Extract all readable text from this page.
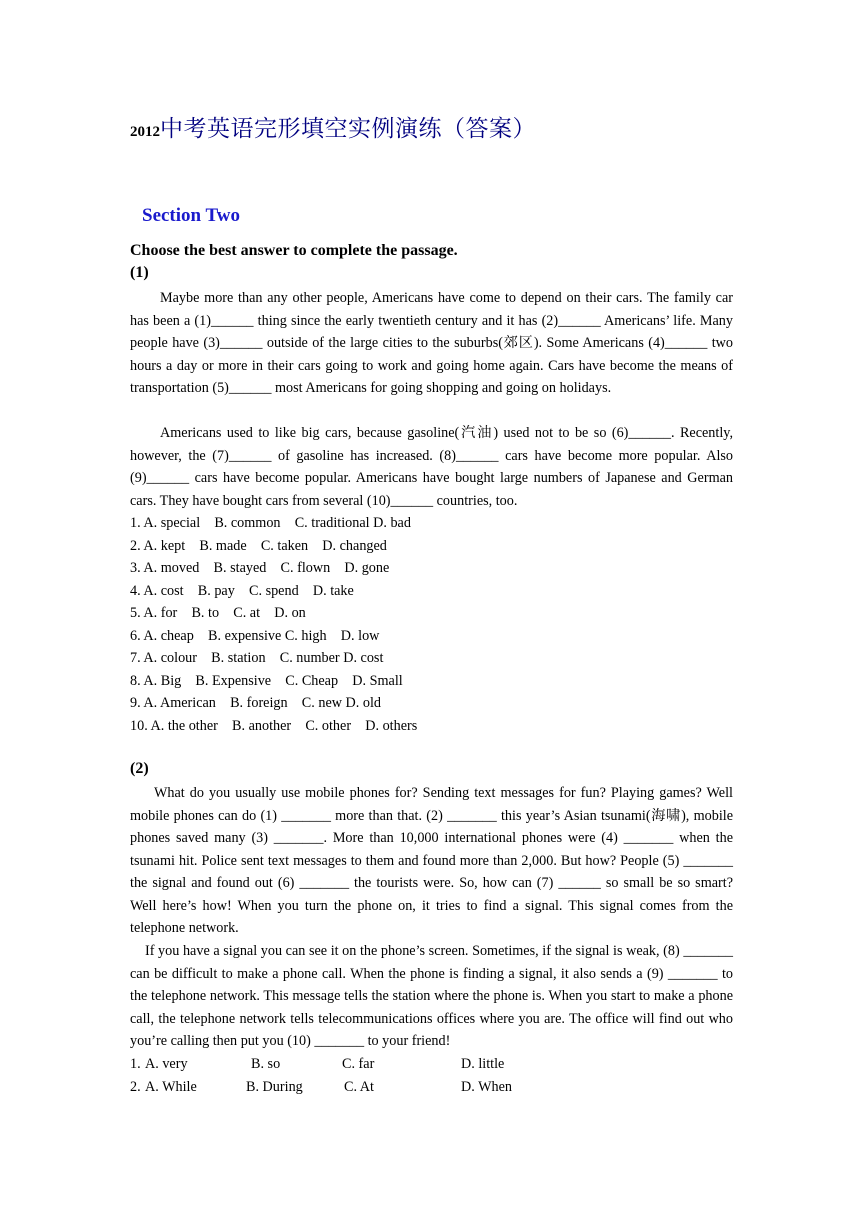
2012中考英语完形填空实例演练（答案）
Section Two
Choose the best answer to complete the passage.
(1)

Maybe more than any other people, Americans have come to depend on their cars. The family car has been a (1)______ thing since the early twentieth century and it has (2)______ Americans’ life. Many people have (3)______ outside of the large cities to the suburbs(郊区). Some Americans (4)______ two hours a day or more in their cars going to work and going home again. Cars have become the means of transportation (5)______ most Americans for going shopping and going on holidays.

Americans used to like big cars, because gasoline(汽油) used not to be so (6)______. Recently, however, the (7)______ of gasoline has increased. (8)______ cars have become more popular. Also (9)______ cars have become popular. Americans have bought large numbers of Japanese and German cars. They have bought cars from several (10)______ countries, too.

1. A. special    B. common    C. traditional D. bad
2. A. kept    B. made    C. taken    D. changed
3. A. moved    B. stayed    C. flown    D. gone
4. A. cost    B. pay    C. spend    D. take
5. A. for    B. to    C. at    D. on
6. A. cheap    B. expensive C. high    D. low
7. A. colour    B. station    C. number D. cost
8. A. Big    B. Expensive    C. Cheap    D. Small
9. A. American    B. foreign    C. new D. old
10. A. the other    B. another    C. other    D. others
(2)

What do you usually use mobile phones for? Sending text messages for fun? Playing games? Well mobile phones can do (1) _______ more than that. (2) _______ this year’s Asian tsunami(海啸), mobile phones saved many (3) _______. More than 10,000 international phones were (4) _______ when the tsunami hit. Police sent text messages to them and found more than 2,000. But how? People (5) _______ the signal and found out (6) _______ the tourists were. So, how can (7) ______ so small be so smart? Well here’s how! When you turn the phone on, it tries to find a signal. This signal comes from the telephone network.

If you have a signal you can see it on the phone’s screen. Sometimes, if the signal is weak, (8) _______ can be difficult to make a phone call. When the phone is finding a signal, it also sends a (9) _______ to the telephone network. This message tells the station where the phone is. When you start to make a phone call, the telephone network tells telecommunications offices where you are. The office will find out who you’re calling then put you (10) _______ to your friend!

1. A. very	B. so	C. far	D. little
2. A. While	B. During	C. At	D. When
